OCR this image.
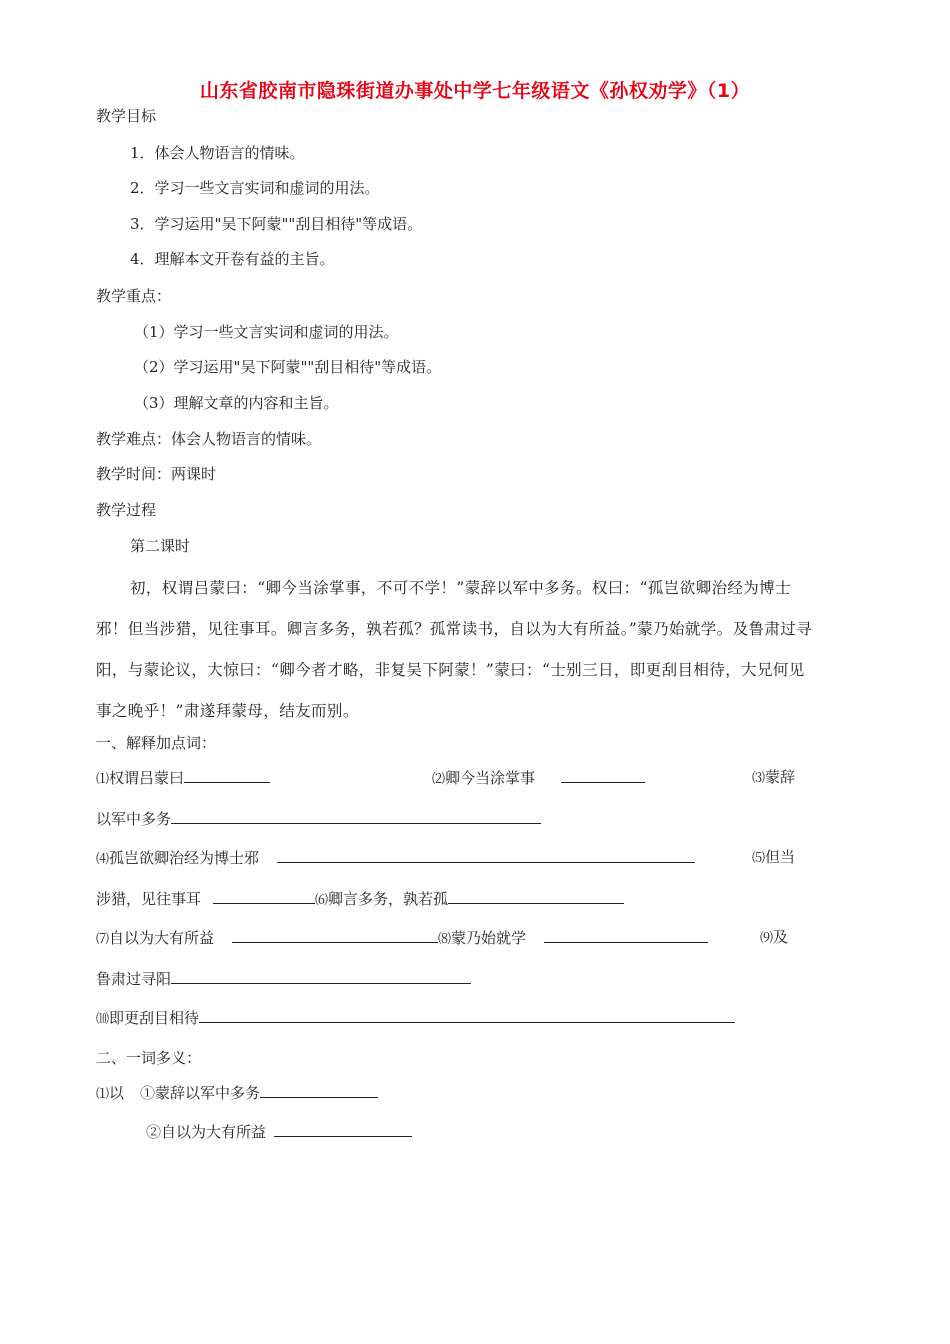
山东省胶南市隐珠街道办事处中学七年级语文《孙权劝学》（1）
教学目标
1．体会人物语言的情味。
2．学习一些文言实词和虚词的用法。
3．学习运用"吴下阿蒙""刮目相待"等成语。
4．理解本文开卷有益的主旨。
教学重点：
（1）学习一些文言实词和虚词的用法。
（2）学习运用"吴下阿蒙""刮目相待"等成语。
（3）理解文章的内容和主旨。
教学难点：体会人物语言的情味。
教学时间：两课时
教学过程
第二课时
初，权谓吕蒙曰：“卿今当涂掌事，不可不学！”蒙辞以军中多务。权曰：“孤岂欲卿治经为博士邪！但当涉猎，见往事耳。卿言多务，孰若孤？孤常读书，自以为大有所益。”蒙乃始就学。及鲁肃过寻阳，与蒙论议，大惊曰：“卿今者才略，非复吴下阿蒙！”蒙曰：“士别三日，即更刮目相待，大兄何见事之晚乎！”肃遂拜蒙母，结友而别。
一、解释加点词：
⑴权谓吕蒙曰	⑵卿今当涂掌事	⑶蒙辞
以军中多务
⑷孤岂欲卿治经为博士邪	⑸但当
涉猎，见往事耳	⑹卿言多务，孰若孤
⑺自以为大有所益	⑻蒙乃始就学	⑼及
鲁肃过寻阳
⑽即更刮目相待
二、一词多义：
⑴以 ①蒙辞以军中多务
②自以为大有所益
